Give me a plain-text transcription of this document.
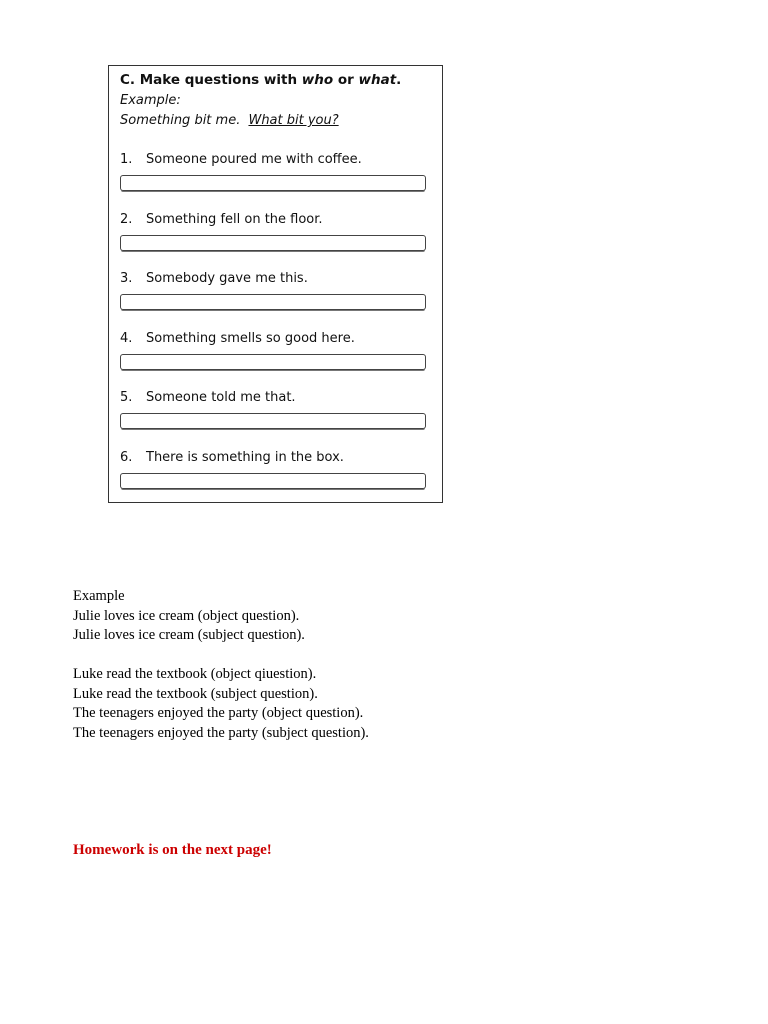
C. Make questions with who or what.
Example:
Something bit me. What bit you?
1.	Someone poured me with coffee.
2.	Something fell on the floor.
3.	Somebody gave me this.
4.	Something smells so good here.
5.	Someone told me that.
6.	There is something in the box.
Example
Julie loves ice cream (object question).
Julie loves ice cream (subject question).
Luke read the textbook (object qiuestion).
Luke read the textbook (subject question).
The teenagers enjoyed the party (object question).
The teenagers enjoyed the party (subject question).
Homework is on the next page!
